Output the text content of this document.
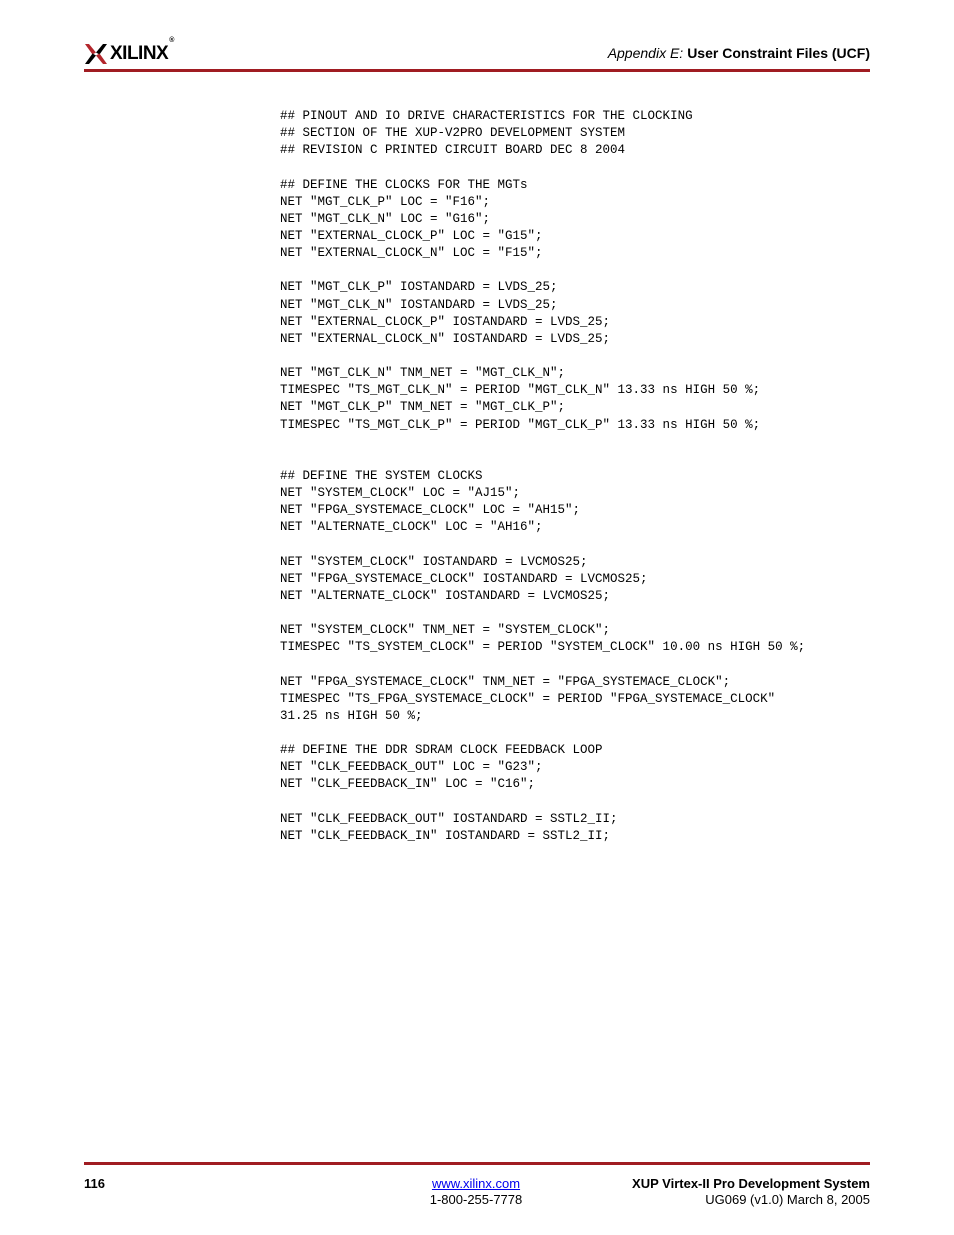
XILINX®
Appendix E: User Constraint Files (UCF)
## PINOUT AND IO DRIVE CHARACTERISTICS FOR THE CLOCKING
## SECTION OF THE XUP-V2PRO DEVELOPMENT SYSTEM
## REVISION C PRINTED CIRCUIT BOARD DEC 8 2004
## DEFINE THE CLOCKS FOR THE MGTs
NET "MGT_CLK_P" LOC = "F16";
NET "MGT_CLK_N" LOC = "G16";
NET "EXTERNAL_CLOCK_P" LOC = "G15";
NET "EXTERNAL_CLOCK_N" LOC = "F15";
NET "MGT_CLK_P" IOSTANDARD = LVDS_25;
NET "MGT_CLK_N" IOSTANDARD = LVDS_25;
NET "EXTERNAL_CLOCK_P" IOSTANDARD = LVDS_25;
NET "EXTERNAL_CLOCK_N" IOSTANDARD = LVDS_25;
NET "MGT_CLK_N" TNM_NET = "MGT_CLK_N";
TIMESPEC "TS_MGT_CLK_N" = PERIOD "MGT_CLK_N" 13.33 ns HIGH 50 %;
NET "MGT_CLK_P" TNM_NET = "MGT_CLK_P";
TIMESPEC "TS_MGT_CLK_P" = PERIOD "MGT_CLK_P" 13.33 ns HIGH 50 %;
## DEFINE THE SYSTEM CLOCKS
NET "SYSTEM_CLOCK" LOC = "AJ15";
NET "FPGA_SYSTEMACE_CLOCK" LOC = "AH15";
NET "ALTERNATE_CLOCK" LOC = "AH16";
NET "SYSTEM_CLOCK" IOSTANDARD = LVCMOS25;
NET "FPGA_SYSTEMACE_CLOCK" IOSTANDARD = LVCMOS25;
NET "ALTERNATE_CLOCK" IOSTANDARD = LVCMOS25;
NET "SYSTEM_CLOCK" TNM_NET = "SYSTEM_CLOCK";
TIMESPEC "TS_SYSTEM_CLOCK" = PERIOD "SYSTEM_CLOCK" 10.00 ns HIGH 50 %;
NET "FPGA_SYSTEMACE_CLOCK" TNM_NET = "FPGA_SYSTEMACE_CLOCK";
TIMESPEC "TS_FPGA_SYSTEMACE_CLOCK" = PERIOD "FPGA_SYSTEMACE_CLOCK"
31.25 ns HIGH 50 %;
## DEFINE THE DDR SDRAM CLOCK FEEDBACK LOOP
NET "CLK_FEEDBACK_OUT" LOC = "G23";
NET "CLK_FEEDBACK_IN" LOC = "C16";
NET "CLK_FEEDBACK_OUT" IOSTANDARD = SSTL2_II;
NET "CLK_FEEDBACK_IN" IOSTANDARD = SSTL2_II;
116	www.xilinx.com
1-800-255-7778
XUP Virtex-II Pro Development System
UG069 (v1.0) March 8, 2005
